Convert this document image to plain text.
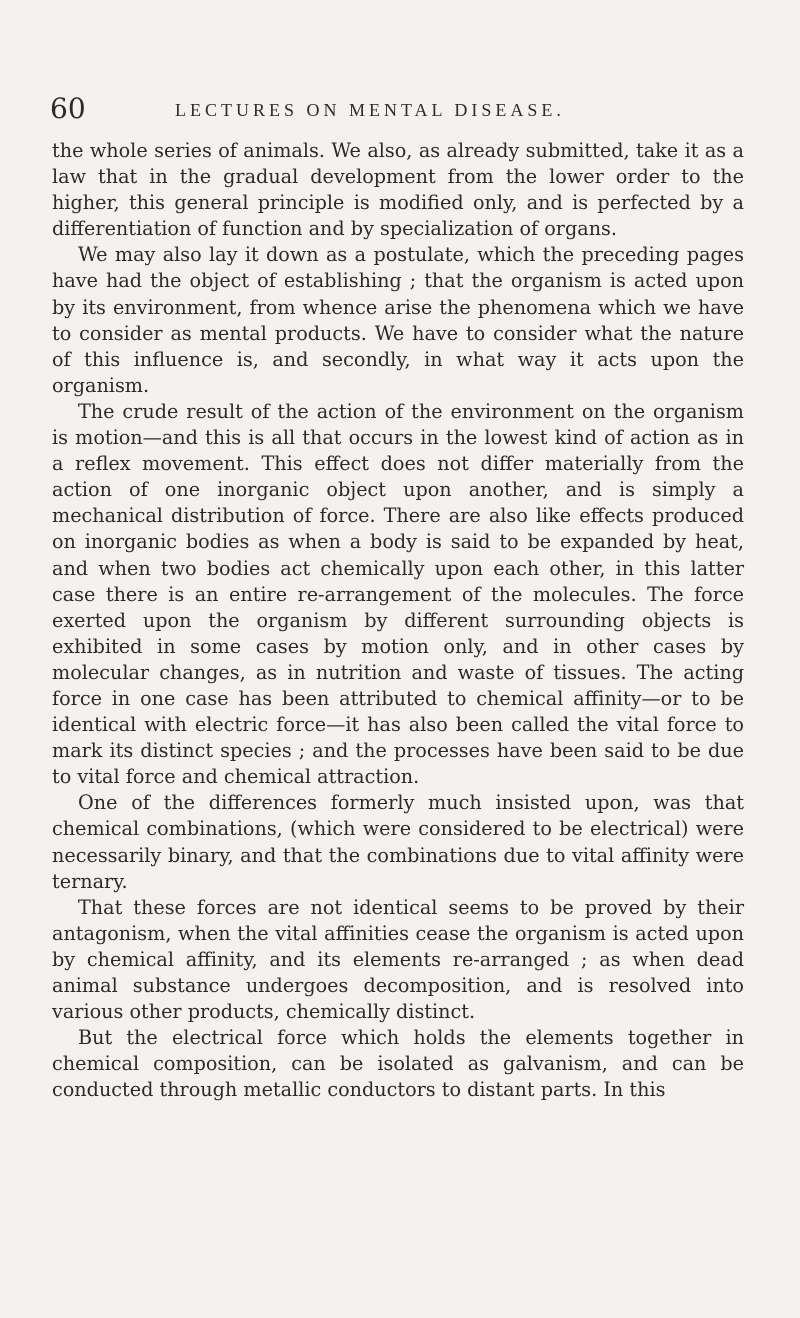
60	LECTURES ON MENTAL DISEASE.

the whole series of animals. We also, as already submitted, take it as a law that in the gradual development from the lower order to the higher, this general principle is modified only, and is perfected by a differentiation of function and by specialization of organs.

We may also lay it down as a postulate, which the preceding pages have had the object of establishing ; that the organism is acted upon by its environment, from whence arise the phenomena which we have to consider as mental products. We have to consider what the nature of this influence is, and secondly, in what way it acts upon the organism.

The crude result of the action of the environment on the organism is motion—and this is all that occurs in the lowest kind of action as in a reflex movement. This effect does not differ materially from the action of one inorganic object upon another, and is simply a mechanical distribution of force. There are also like effects produced on inorganic bodies as when a body is said to be expanded by heat, and when two bodies act chemically upon each other, in this latter case there is an entire re-arrangement of the molecules. The force exerted upon the organism by different surrounding objects is exhibited in some cases by motion only, and in other cases by molecular changes, as in nutrition and waste of tissues. The acting force in one case has been attributed to chemical affinity—or to be identical with electric force—it has also been called the vital force to mark its distinct species ; and the processes have been said to be due to vital force and chemical attraction.

One of the differences formerly much insisted upon, was that chemical combinations, (which were considered to be electrical) were necessarily binary, and that the combinations due to vital affinity were ternary.

That these forces are not identical seems to be proved by their antagonism, when the vital affinities cease the organism is acted upon by chemical affinity, and its elements re-arranged ; as when dead animal substance undergoes decomposition, and is resolved into various other products, chemically distinct.

But the electrical force which holds the elements together in chemical composition, can be isolated as galvanism, and can be conducted through metallic conductors to distant parts. In this
